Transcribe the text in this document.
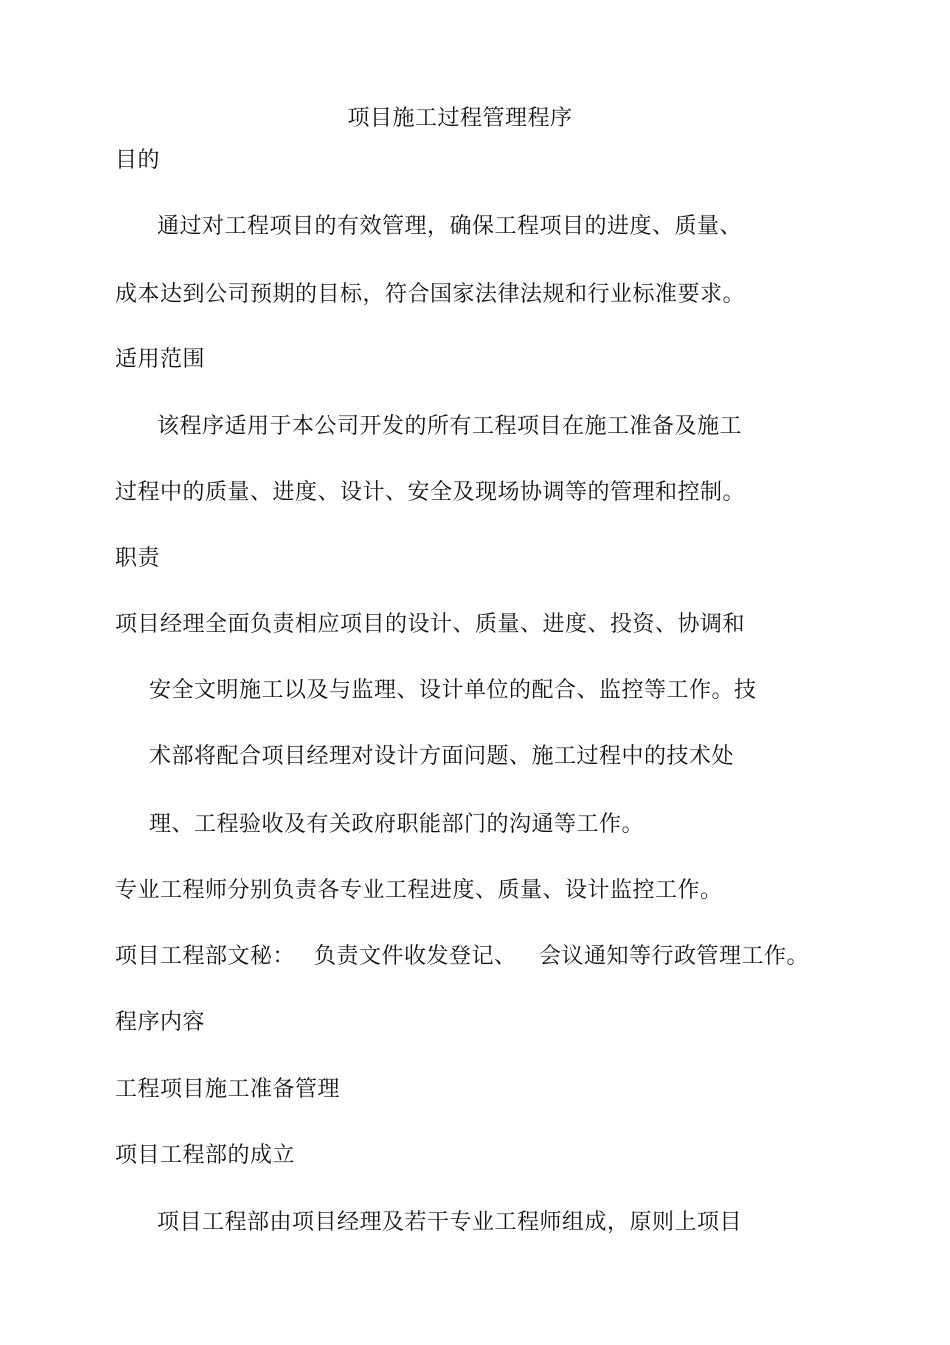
项目施工过程管理程序
目的
通过对工程项目的有效管理，确保工程项目的进度、质量、
成本达到公司预期的目标，符合国家法律法规和行业标准要求。
适用范围
该程序适用于本公司开发的所有工程项目在施工准备及施工
过程中的质量、进度、设计、安全及现场协调等的管理和控制。
职责
项目经理全面负责相应项目的设计、质量、进度、投资、协调和
安全文明施工以及与监理、设计单位的配合、监控等工作。技
术部将配合项目经理对设计方面问题、施工过程中的技术处
理、工程验收及有关政府职能部门的沟通等工作。
专业工程师分别负责各专业工程进度、质量、设计监控工作。
项目工程部文秘： 负责文件收发登记、 会议通知等行政管理工作。
程序内容
工程项目施工准备管理
项目工程部的成立
项目工程部由项目经理及若干专业工程师组成，原则上项目
